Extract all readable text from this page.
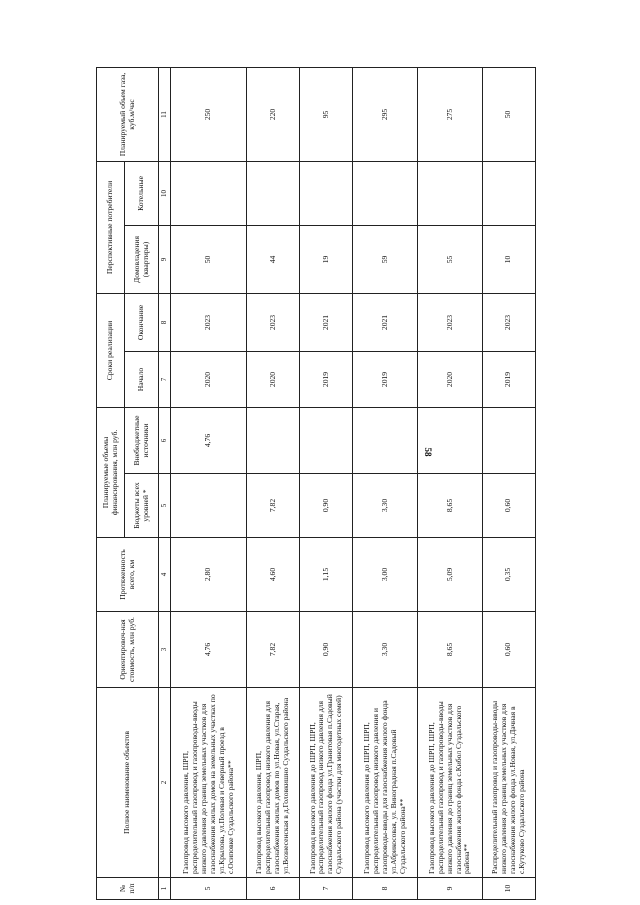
58
№ п/п	Полное наименование объектов	Ориентировоч-ная стоимость, млн руб.	Протяженность всего, км	Планируемые объемы финансирования, млн руб.		Сроки реализации		Перспективные потребители		Планируемый объем газа, куб.м/час
				Бюджеты всех уровней *	Внебюджетные источники	Начало	Окончание	Домовладения (квартиры)	Котельные	
1	2	3	4	5	6	7	8	9	10	11
5	Газопровод высокого давления, ШРП, распределительный газопровод и газопроводы-вводы низкого давления до границ земельных участков для газоснабжения жилых домов на земельных участках по ул.Крылова, ул.Полевая и Северный проезд в с.Осиповке Суздальского района**	4,76	2,80		4,76	2020	2023	50		250
6	Газопровод высокого давления, ШРП, распределительный газопровод низкого давления для газоснабжения жилых домов по ул.Новая, ул.Старая, ул.Вознесенская в д.Головкишно Суздальского района	7,82	4,60	7,82		2020	2023	44		220
7	Газопровод высокого давления до ШРП, ШРП, распределительный газопровод низкого давления для газоснабжения жилого фонда ул.Гранитовая п.Садовый Суздальского района (участки для многодетных семей)	0,90	1,15	0,90		2019	2021	19		95
8	Газопровод высокого давления до ШРП, ШРП, распределительный газопровод низкого давления и газопроводы-вводы для газоснабжения жилого фонда ул.Абрикосовая, ул. Виноградная п.Садовый Суздальского района**	3,30	3,00	3,30		2019	2021	59		295
9	Газопровод высокого давления до ШРП, ШРП, распределительный газопровод и газопроводы-вводы низкого давления до границ земельных участков для газоснабжения жилого фонда с.Кибол Суздальского района**	8,65	5,09	8,65		2020	2023	55		275
10	Распределительный газопровод и газопроводы-вводы низкого давления до границ земельных участков для газоснабжения жилого фонда ул.Новая, ул.Дачная в с.Кутуково Суздальского района	0,60	0,35	0,60		2019	2023	10		50
